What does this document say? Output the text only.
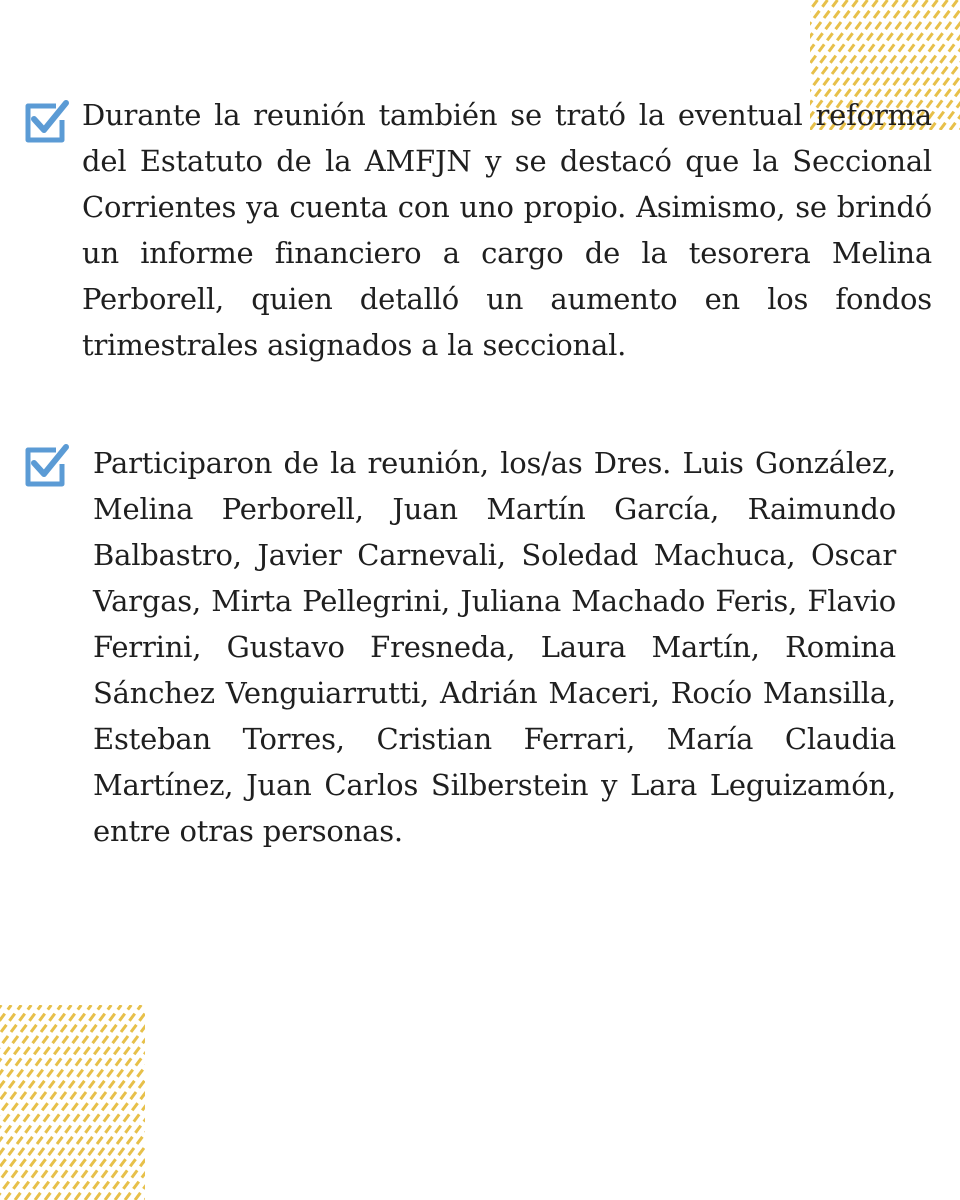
Durante la reunión también se trató la eventual reforma del Estatuto de la AMFJN y se destacó que la Seccional Corrientes ya cuenta con uno propio. Asimismo, se brindó un informe financiero a cargo de la tesorera Melina Perborell, quien detalló un aumento en los fondos trimestrales asignados a la seccional.

Participaron de la reunión, los/as Dres. Luis González, Melina Perborell, Juan Martín García, Raimundo Balbastro, Javier Carnevali, Soledad Machuca, Oscar Vargas, Mirta Pellegrini, Juliana Machado Feris, Flavio Ferrini, Gustavo Fresneda, Laura Martín, Romina Sánchez Venguiarrutti, Adrián Maceri, Rocío Mansilla, Esteban Torres, Cristian Ferrari, María Claudia Martínez, Juan Carlos Silberstein y Lara Leguizamón, entre otras personas.
